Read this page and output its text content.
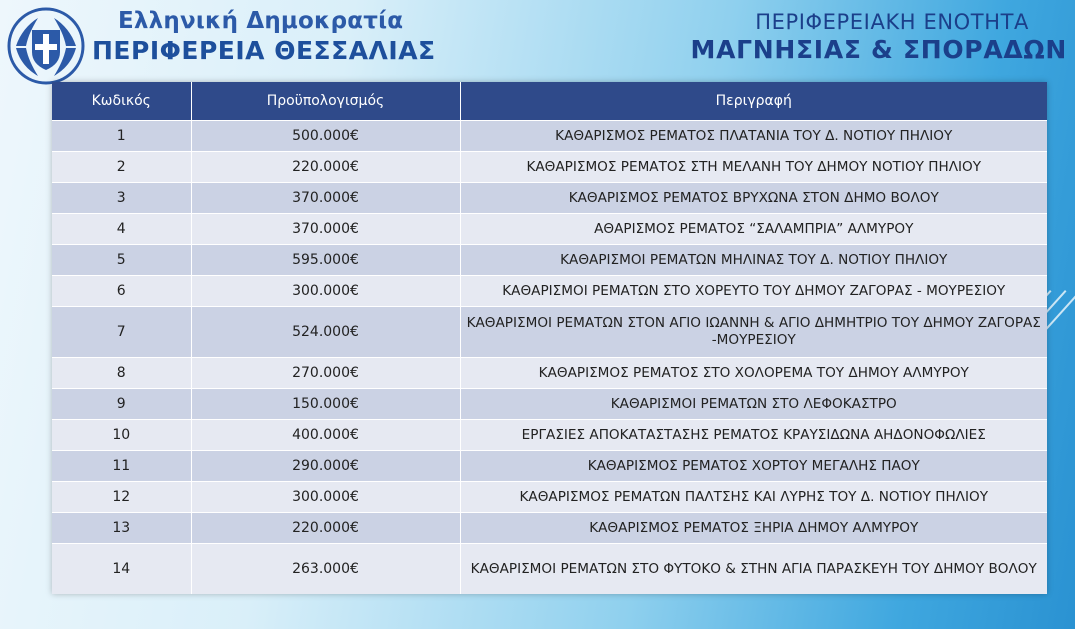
Ελληνική Δημοκρατία
ΠΕΡΙΦΕΡΕΙΑ ΘΕΣΣΑΛΙΑΣ
ΠΕΡΙΦΕΡΕΙΑΚΗ ΕΝΟΤΗΤΑ
ΜΑΓΝΗΣΙΑΣ & ΣΠΟΡΑΔΩΝ
Κωδικός	Προϋπολογισμός	Περιγραφή
1	500.000€	ΚΑΘΑΡΙΣΜΟΣ ΡΕΜΑΤΟΣ ΠΛΑΤΑΝΙΑ ΤΟΥ Δ. ΝΟΤΙΟΥ ΠΗΛΙΟΥ
2	220.000€	ΚΑΘΑΡΙΣΜΟΣ ΡΕΜΑΤΟΣ ΣΤΗ ΜΕΛΑΝΗ ΤΟΥ ΔΗΜΟΥ ΝΟΤΙΟΥ ΠΗΛΙΟΥ
3	370.000€	ΚΑΘΑΡΙΣΜΟΣ ΡΕΜΑΤΟΣ ΒΡΥΧΩΝΑ ΣΤΟΝ ΔΗΜΟ ΒΟΛΟΥ
4	370.000€	ΑΘΑΡΙΣΜΟΣ ΡΕΜΑΤΟΣ “ΣΑΛΑΜΠΡΙΑ” ΑΛΜΥΡΟΥ
5	595.000€	ΚΑΘΑΡΙΣΜΟΙ ΡΕΜΑΤΩΝ ΜΗΛΙΝΑΣ ΤΟΥ Δ. ΝΟΤΙΟΥ ΠΗΛΙΟΥ
6	300.000€	ΚΑΘΑΡΙΣΜΟΙ ΡΕΜΑΤΩΝ ΣΤΟ ΧΟΡΕΥΤΟ ΤΟΥ ΔΗΜΟΥ ΖΑΓΟΡΑΣ - ΜΟΥΡΕΣΙΟΥ
7	524.000€	ΚΑΘΑΡΙΣΜΟΙ ΡΕΜΑΤΩΝ ΣΤΟΝ ΑΓΙΟ ΙΩΑΝΝΗ & ΑΓΙΟ ΔΗΜΗΤΡΙΟ ΤΟΥ ΔΗΜΟΥ ΖΑΓΟΡΑΣ -ΜΟΥΡΕΣΙΟΥ
8	270.000€	ΚΑΘΑΡΙΣΜΟΣ ΡΕΜΑΤΟΣ ΣΤΟ ΧΟΛΟΡΕΜΑ ΤΟΥ ΔΗΜΟΥ ΑΛΜΥΡΟΥ
9	150.000€	ΚΑΘΑΡΙΣΜΟΙ ΡΕΜΑΤΩΝ ΣΤΟ ΛΕΦΟΚΑΣΤΡΟ
10	400.000€	ΕΡΓΑΣΙΕΣ ΑΠΟΚΑΤΑΣΤΑΣΗΣ ΡΕΜΑΤΟΣ ΚΡΑΥΣΙΔΩΝΑ ΑΗΔΟΝΟΦΩΛΙΕΣ
11	290.000€	ΚΑΘΑΡΙΣΜΟΣ ΡΕΜΑΤΟΣ ΧΟΡΤΟΥ ΜΕΓΑΛΗΣ ΠΑΟΥ
12	300.000€	ΚΑΘΑΡΙΣΜΟΣ ΡΕΜΑΤΩΝ ΠΑΛΤΣΗΣ ΚΑΙ ΛΥΡΗΣ ΤΟΥ Δ. ΝΟΤΙΟΥ ΠΗΛΙΟΥ
13	220.000€	ΚΑΘΑΡΙΣΜΟΣ ΡΕΜΑΤΟΣ ΞΗΡΙΑ ΔΗΜΟΥ ΑΛΜΥΡΟΥ
14	263.000€	ΚΑΘΑΡΙΣΜΟΙ ΡΕΜΑΤΩΝ ΣΤΟ ΦΥΤΟΚΟ & ΣΤΗΝ ΑΓΙΑ ΠΑΡΑΣΚΕΥΗ ΤΟΥ ΔΗΜΟΥ ΒΟΛΟΥ
